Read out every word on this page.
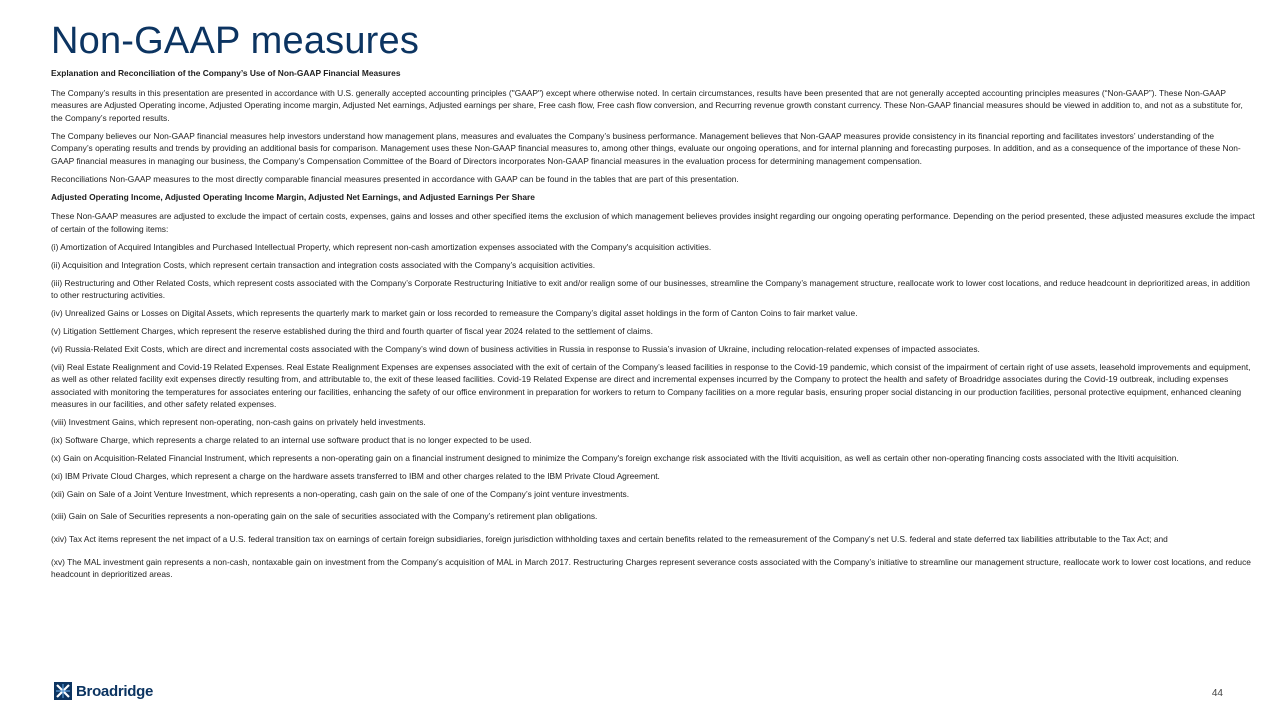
Non-GAAP measures

Explanation and Reconciliation of the Company’s Use of Non-GAAP Financial Measures

The Company’s results in this presentation are presented in accordance with U.S. generally accepted accounting principles ("GAAP") except where otherwise noted. In certain circumstances, results have been presented that are not generally accepted accounting principles measures (“Non-GAAP”). These Non-GAAP measures are Adjusted Operating income, Adjusted Operating income margin, Adjusted Net earnings, Adjusted earnings per share, Free cash flow, Free cash flow conversion, and Recurring revenue growth constant currency. These Non-GAAP financial measures should be viewed in addition to, and not as a substitute for, the Company’s reported results.

The Company believes our Non-GAAP financial measures help investors understand how management plans, measures and evaluates the Company’s business performance. Management believes that Non-GAAP measures provide consistency in its financial reporting and facilitates investors’ understanding of the Company’s operating results and trends by providing an additional basis for comparison. Management uses these Non-GAAP financial measures to, among other things, evaluate our ongoing operations, and for internal planning and forecasting purposes. In addition, and as a consequence of the importance of these Non-GAAP financial measures in managing our business, the Company’s Compensation Committee of the Board of Directors incorporates Non-GAAP financial measures in the evaluation process for determining management compensation.

Reconciliations Non-GAAP measures to the most directly comparable financial measures presented in accordance with GAAP can be found in the tables that are part of this presentation.

Adjusted Operating Income, Adjusted Operating Income Margin, Adjusted Net Earnings, and Adjusted Earnings Per Share

These Non-GAAP measures are adjusted to exclude the impact of certain costs, expenses, gains and losses and other specified items the exclusion of which management believes provides insight regarding our ongoing operating performance. Depending on the period presented, these adjusted measures exclude the impact of certain of the following items:

(i) Amortization of Acquired Intangibles and Purchased Intellectual Property, which represent non-cash amortization expenses associated with the Company's acquisition activities.

(ii) Acquisition and Integration Costs, which represent certain transaction and integration costs associated with the Company’s acquisition activities.

(iii) Restructuring and Other Related Costs, which represent costs associated with the Company’s Corporate Restructuring Initiative to exit and/or realign some of our businesses, streamline the Company’s management structure, reallocate work to lower cost locations, and reduce headcount in deprioritized areas, in addition to other restructuring activities.

(iv) Unrealized Gains or Losses on Digital Assets, which represents the quarterly mark to market gain or loss recorded to remeasure the Company’s digital asset holdings in the form of Canton Coins to fair market value.

(v) Litigation Settlement Charges, which represent the reserve established during the third and fourth quarter of fiscal year 2024 related to the settlement of claims.

(vi) Russia-Related Exit Costs, which are direct and incremental costs associated with the Company’s wind down of business activities in Russia in response to Russia’s invasion of Ukraine, including relocation-related expenses of impacted associates.

(vii) Real Estate Realignment and Covid-19 Related Expenses. Real Estate Realignment Expenses are expenses associated with the exit of certain of the Company’s leased facilities in response to the Covid-19 pandemic, which consist of the impairment of certain right of use assets, leasehold improvements and equipment, as well as other related facility exit expenses directly resulting from, and attributable to, the exit of these leased facilities. Covid-19 Related Expense are direct and incremental expenses incurred by the Company to protect the health and safety of Broadridge associates during the Covid-19 outbreak, including expenses associated with monitoring the temperatures for associates entering our facilities, enhancing the safety of our office environment in preparation for workers to return to Company facilities on a more regular basis, ensuring proper social distancing in our production facilities, personal protective equipment, enhanced cleaning measures in our facilities, and other safety related expenses.

(viii) Investment Gains, which represent non-operating, non-cash gains on privately held investments.

(ix) Software Charge, which represents a charge related to an internal use software product that is no longer expected to be used.

(x) Gain on Acquisition-Related Financial Instrument, which represents a non-operating gain on a financial instrument designed to minimize the Company's foreign exchange risk associated with the Itiviti acquisition, as well as certain other non-operating financing costs associated with the Itiviti acquisition.

(xi) IBM Private Cloud Charges, which represent a charge on the hardware assets transferred to IBM and other charges related to the IBM Private Cloud Agreement.

(xii) Gain on Sale of a Joint Venture Investment, which represents a non-operating, cash gain on the sale of one of the Company’s joint venture investments.

(xiii) Gain on Sale of Securities represents a non-operating gain on the sale of securities associated with the Company’s retirement plan obligations.

(xiv) Tax Act items represent the net impact of a U.S. federal transition tax on earnings of certain foreign subsidiaries, foreign jurisdiction withholding taxes and certain benefits related to the remeasurement of the Company’s net U.S. federal and state deferred tax liabilities attributable to the Tax Act; and

(xv) The MAL investment gain represents a non-cash, nontaxable gain on investment from the Company’s acquisition of MAL in March 2017. Restructuring Charges represent severance costs associated with the Company’s initiative to streamline our management structure, reallocate work to lower cost locations, and reduce headcount in deprioritized areas.

Broadridge	44
